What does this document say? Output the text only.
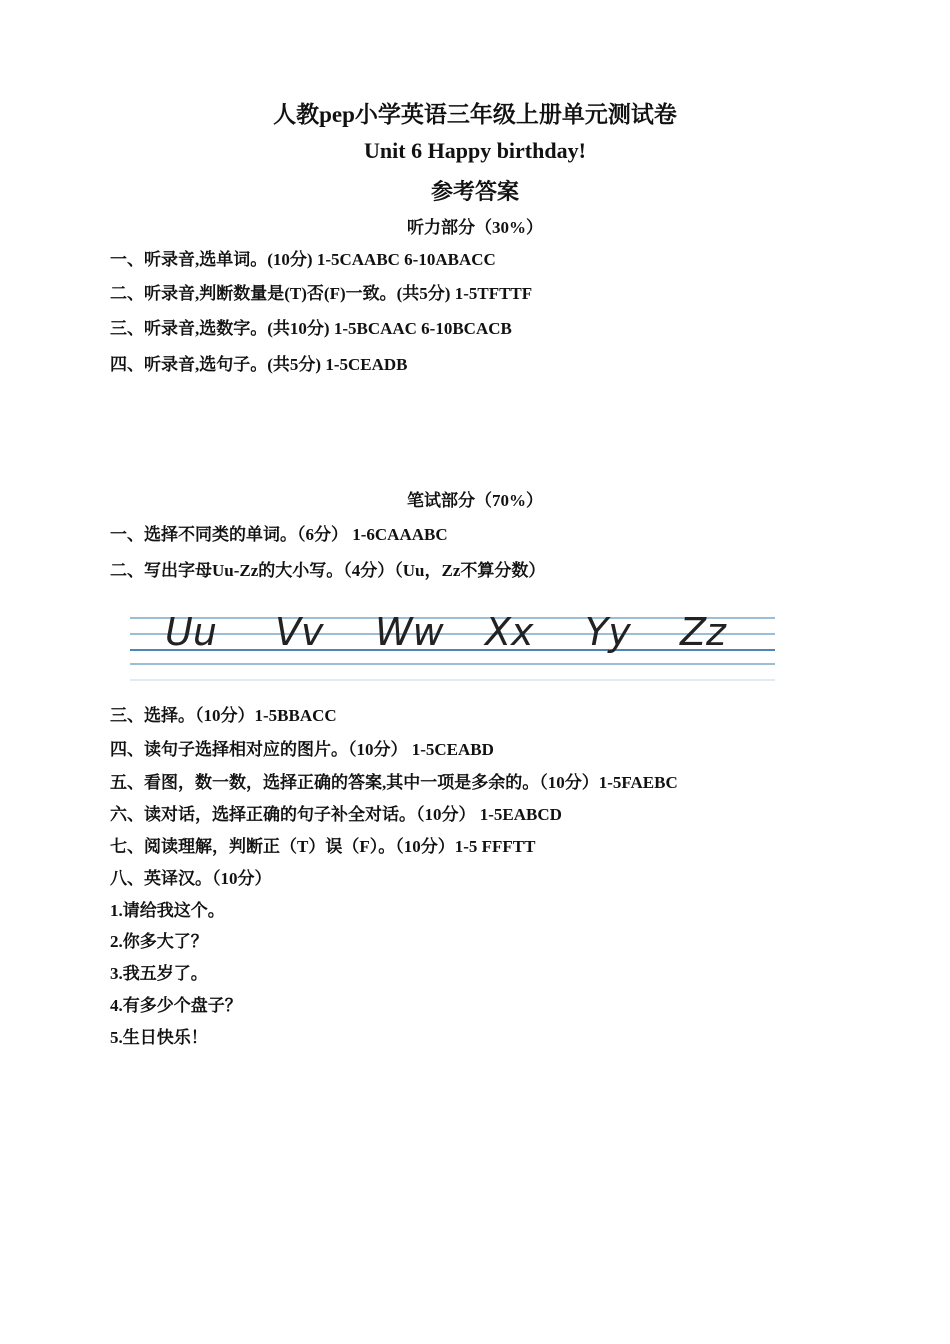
人教pep小学英语三年级上册单元测试卷
Unit 6 Happy birthday!
参考答案
听力部分（30%）
一、听录音,选单词。(10分) 1-5CAABC 6-10ABACC
二、听录音,判断数量是(T)否(F)一致。(共5分) 1-5TFTTF
三、听录音,选数字。(共10分) 1-5BCAAC 6-10BCACB
四、听录音,选句子。(共5分) 1-5CEADB
笔试部分（70%）
一、选择不同类的单词。（6分） 1-6CAAABC
二、写出字母Uu-Zz的大小写。（4分）（Uu，Zz不算分数）
Uu Vv Ww Xx Yy Zz
三、选择。（10分）1-5BBACC
四、读句子选择相对应的图片。（10分） 1-5CEABD
五、看图，数一数，选择正确的答案,其中一项是多余的。（10分）1-5FAEBC
六、读对话，选择正确的句子补全对话。（10分） 1-5EABCD
七、阅读理解，判断正（T）误（F）。（10分）1-5 FFFTT
八、英译汉。（10分）
1.请给我这个。
2.你多大了？
3.我五岁了。
4.有多少个盘子？
5.生日快乐！
